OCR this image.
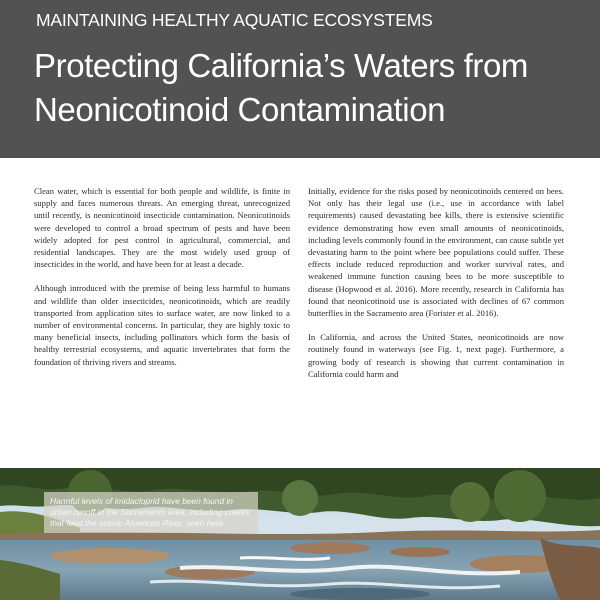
MAINTAINING HEALTHY AQUATIC ECOSYSTEMS
Protecting California’s Waters from Neonicotinoid Contamination

Clean water, which is essential for both people and wildlife, is finite in supply and faces numerous threats. An emerging threat, unrecognized until recently, is neonicotinoid insecticide contamination. Neonicotinoids were developed to control a broad spectrum of pests and have been widely adopted for pest control in agricultural, commercial, and residential landscapes. They are the most widely used group of insecticides in the world, and have been for at least a decade.

Although introduced with the premise of being less harmful to humans and wildlife than older insecticides, neonicotinoids, which are readily transported from application sites to surface water, are now linked to a number of environmental concerns. In particular, they are highly toxic to many beneficial insects, including pollinators which form the basis of healthy terrestrial ecosystems, and aquatic invertebrates that form the foundation of thriving rivers and streams.

Initially, evidence for the risks posed by neonicotinoids centered on bees. Not only has their legal use (i.e., use in accordance with label requirements) caused devastating bee kills, there is extensive scientific evidence demonstrating how even small amounts of neonicotinoids, including levels commonly found in the environment, can cause subtle yet devastating harm to the point where bee populations could suffer. These effects include reduced reproduction and worker survival rates, and weakened immune function causing bees to be more susceptible to disease (Hopwood et al. 2016). More recently, research in California has found that neonicotinoid use is associated with declines of 67 common butterflies in the Sacramento area (Forister et al. 2016).

In California, and across the United States, neonicotinoids are now routinely found in waterways (see Fig. 1, next page). Furthermore, a growing body of research is showing that current contamination in California could harm and

Harmful levels of imidacloprid have been found in urban runoff in the Sacramento area, including creeks that feed the scenic American River, seen here.
